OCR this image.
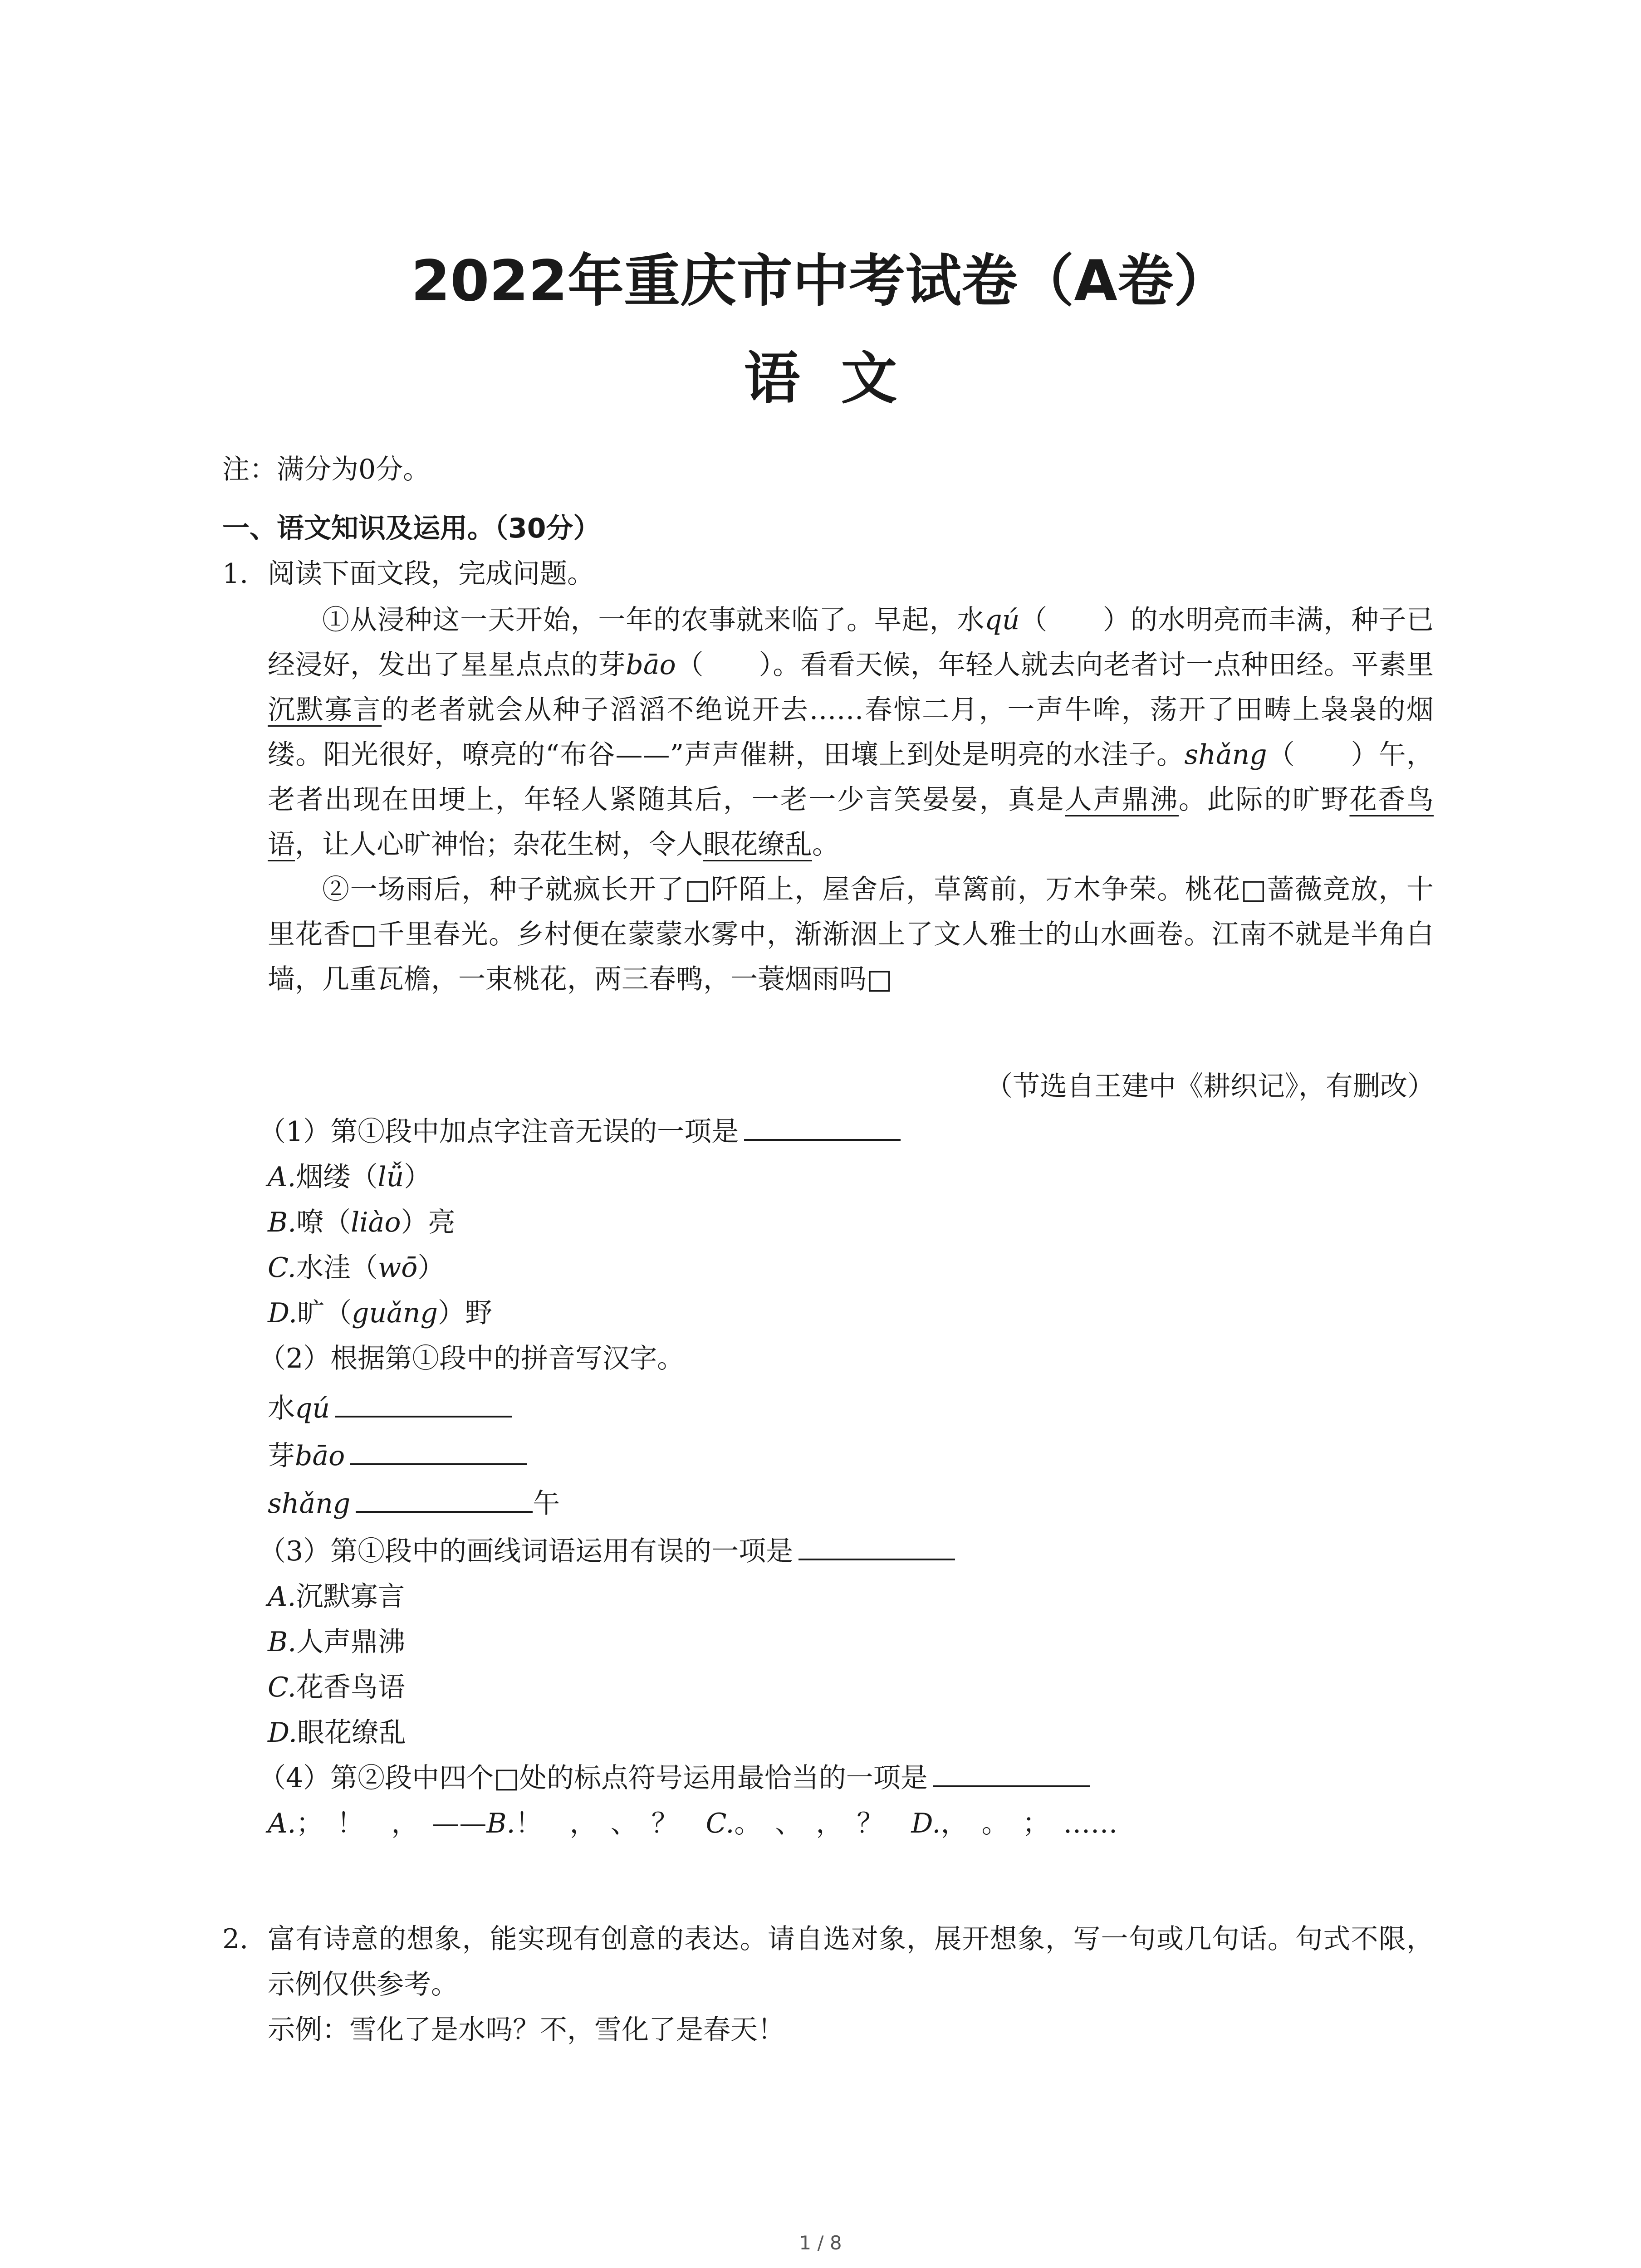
2022年重庆市中考试卷（A卷）
语文
注：满分为0分。
一、语文知识及运用。（30分）
1. 阅读下面文段，完成问题。

①从浸种这一天开始，一年的农事就来临了。早起，水qú（　　）的水明亮而丰满，种子已经浸好，发出了星星点点的芽bāo（　　）。看看天候，年轻人就去向老者讨一点种田经。平素里沉默寡言的老者就会从种子滔滔不绝说开去……春惊二月，一声牛哞，荡开了田畴上袅袅的烟缕。阳光很好，嘹亮的“布谷——”声声催耕，田壤上到处是明亮的水洼子。shǎng（　　）午，老者出现在田埂上，年轻人紧随其后，一老一少言笑晏晏，真是人声鼎沸。此际的旷野花香鸟语，让人心旷神怡；杂花生树，令人眼花缭乱。

②一场雨后，种子就疯长开了□阡陌上，屋舍后，草篱前，万木争荣。桃花□蔷薇竞放，十里花香□千里春光。乡村便在蒙蒙水雾中，渐渐洇上了文人雅士的山水画卷。江南不就是半角白墙，几重瓦檐，一束桃花，两三春鸭，一蓑烟雨吗□

（节选自王建中《耕织记》，有删改）
（1）第①段中加点字注音无误的一项是
A.烟缕（lǚ）
B.嘹（liào）亮
C.水洼（wō）
D.旷（guǎng）野
（2）根据第①段中的拼音写汉字。
水qú
芽bāo
shǎng	午
（3）第①段中的画线词语运用有误的一项是
A.沉默寡言
B.人声鼎沸
C.花香鸟语
D.眼花缭乱
（4）第②段中四个□处的标点符号运用最恰当的一项是
A.；　！　，　——B.！　，　、　？　 C.。　、　，　？　 D.，　。　；　……
2. 富有诗意的想象，能实现有创意的表达。请自选对象，展开想象，写一句或几句话。句式不限，示例仅供参考。

示例：雪化了是水吗？不，雪化了是春天！

1 / 8
